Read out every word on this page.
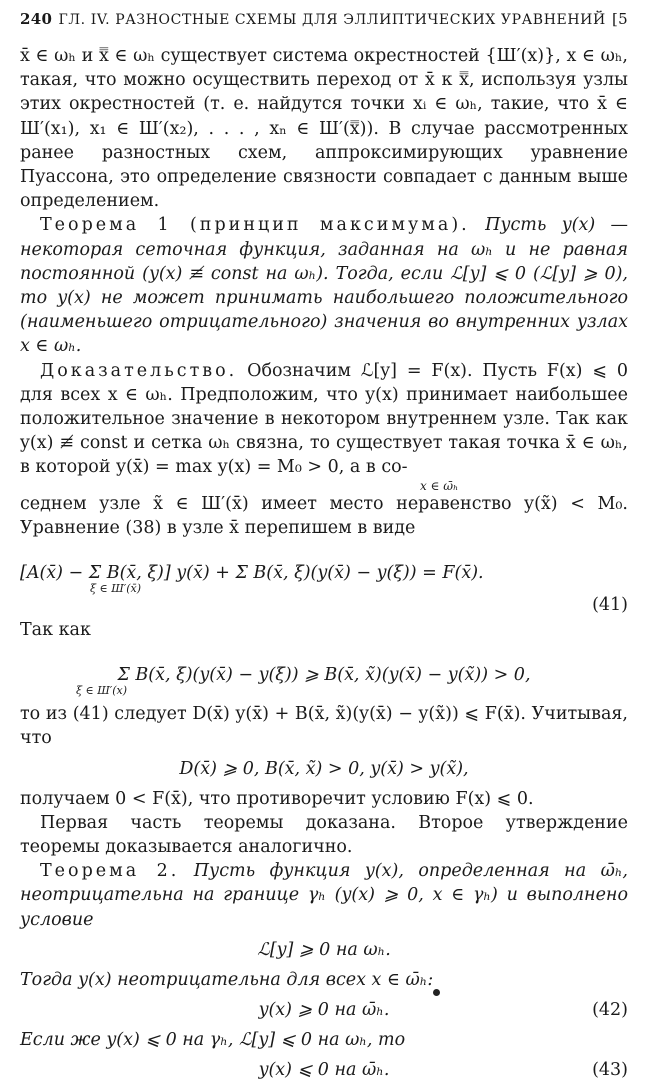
240 ГЛ. IV. РАЗНОСТНЫЕ СХЕМЫ ДЛЯ ЭЛЛИПТИЧЕСКИХ УРАВНЕНИЙ [5

x̄ ∈ ωₕ и x̿ ∈ ωₕ существует система окрестностей {Ш′(x)}, x ∈ ωₕ, такая, что можно осуществить переход от x̄ к x̿, используя узлы этих окрестностей (т. е. найдутся точки xᵢ ∈ ωₕ, такие, что x̄ ∈ Ш′(x₁), x₁ ∈ Ш′(x₂), . . . , xₙ ∈ Ш′(x̿)). В случае рассмотренных ранее разностных схем, аппроксимирующих уравнение Пуассона, это определение связности совпадает с данным выше определением.

Теорема 1 (принцип максимума). Пусть y(x) — некоторая сеточная функция, заданная на ωₕ и не равная постоянной (y(x) ≢ const на ωₕ). Тогда, если ℒ[y] ⩽ 0 (ℒ[y] ⩾ 0), то y(x) не может принимать наибольшего положительного (наименьшего отрицательного) значения во внутренних узлах x ∈ ωₕ.

Доказательство. Обозначим ℒ[y] = F(x). Пусть F(x) ⩽ 0 для всех x ∈ ωₕ. Предположим, что y(x) принимает наибольшее положительное значение в некотором внутреннем узле. Так как y(x) ≢ const и сетка ωₕ связна, то существует такая точка x̄ ∈ ωₕ, в которой y(x̄) = max y(x) = M₀ > 0, а в со-

x ∈ ω̄ₕ

седнем узле x̃ ∈ Ш′(x̄) имеет место неравенство y(x̃) < M₀. Уравнение (38) в узле x̄ перепишем в виде

[A(x̄) − Σ B(x̄, ξ)] y(x̄) + Σ B(x̄, ξ)(y(x̄) − y(ξ)) = F(x̄).
ξ ∈ Ш′(x̄)
(41)

Так как

Σ B(x̄, ξ)(y(x̄) − y(ξ)) ⩾ B(x̄, x̃)(y(x̄) − y(x̃)) > 0,
ξ ∈ Ш′(x)

то из (41) следует D(x̄) y(x̄) + B(x̄, x̃)(y(x̄) − y(x̃)) ⩽ F(x̄). Учитывая, что

D(x̄) ⩾ 0, B(x̄, x̃) > 0, y(x̄) > y(x̃),

получаем 0 < F(x̄), что противоречит условию F(x) ⩽ 0.

Первая часть теоремы доказана. Второе утверждение теоремы доказывается аналогично.

Теорема 2. Пусть функция y(x), определенная на ω̄ₕ, неотрицательна на границе γₕ (y(x) ⩾ 0, x ∈ γₕ) и выполнено условие

ℒ[y] ⩾ 0 на ωₕ.

Тогда y(x) неотрицательна для всех x ∈ ω̄ₕ:

y(x) ⩾ 0 на ω̄ₕ.	(42)

Если же y(x) ⩽ 0 на γₕ, ℒ[y] ⩽ 0 на ωₕ, то

y(x) ⩽ 0 на ω̄ₕ.	(43)
